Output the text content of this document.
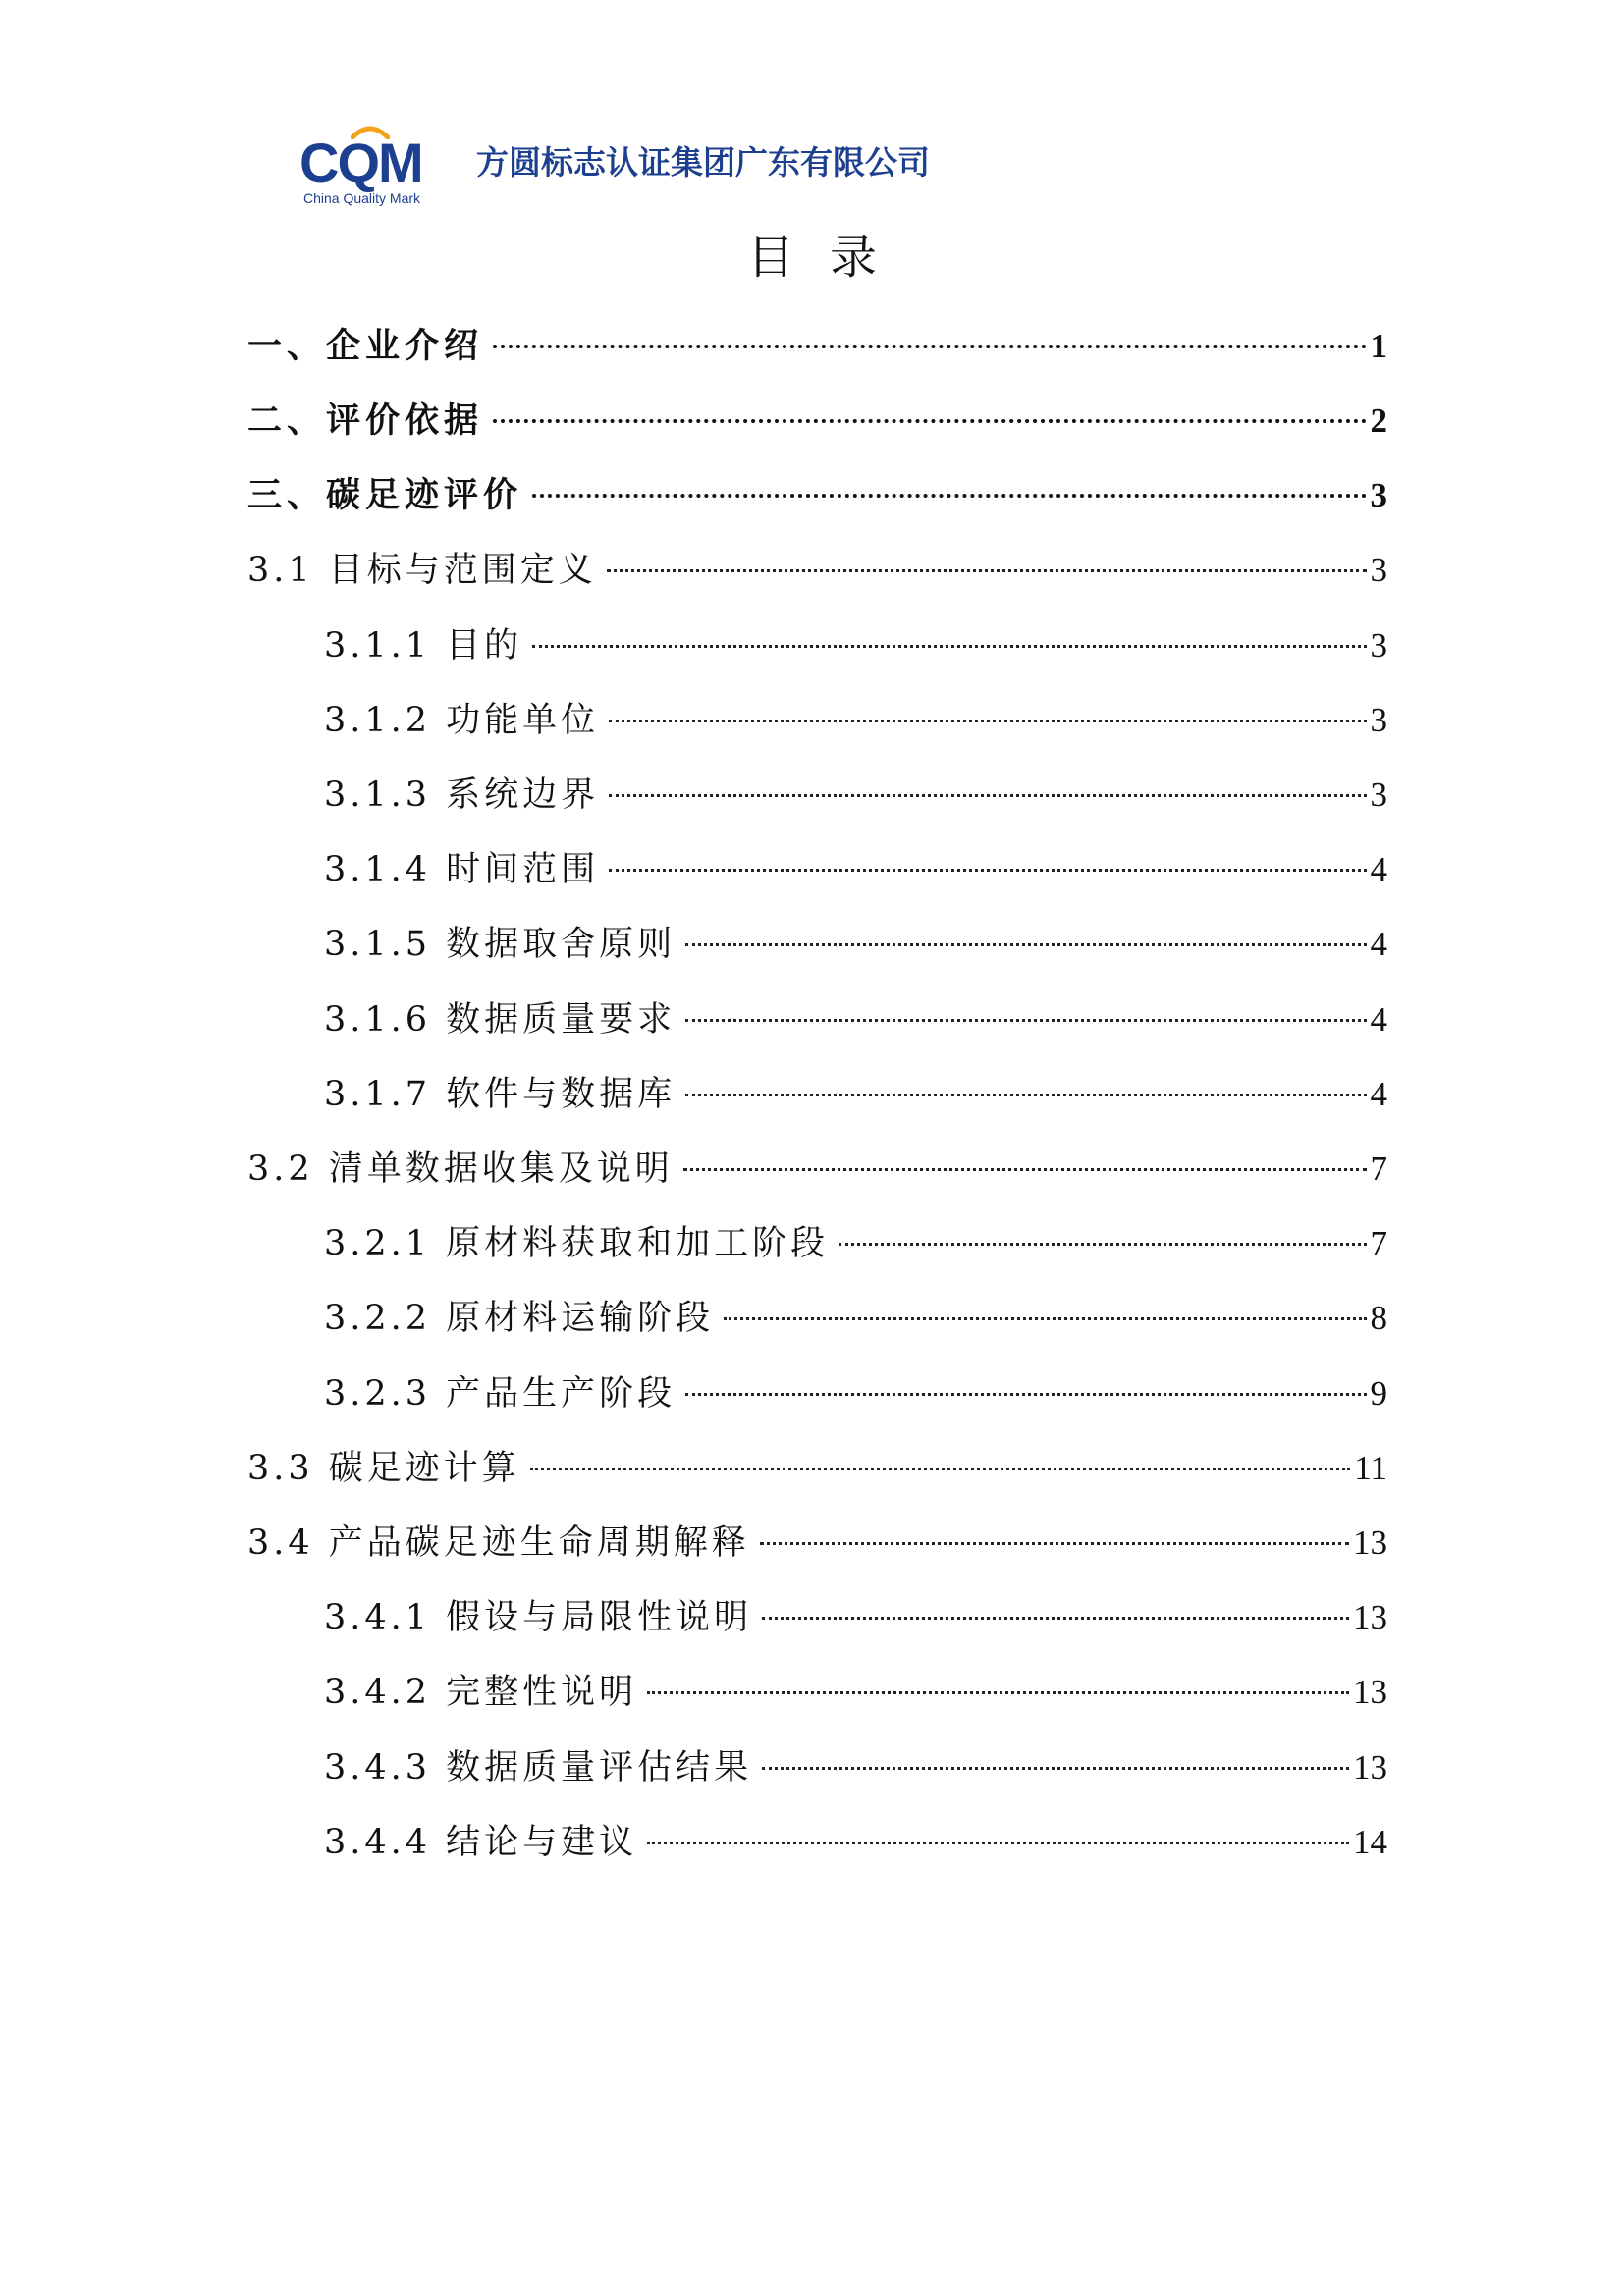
CQM 方圆标志认证集团广东有限公司
China Quality Mark
目录
一、企业介绍	1
二、评价依据	2
三、碳足迹评价	3
3.1 目标与范围定义	3
3.1.1 目的	3
3.1.2 功能单位	3
3.1.3 系统边界	3
3.1.4 时间范围	4
3.1.5 数据取舍原则	4
3.1.6 数据质量要求	4
3.1.7 软件与数据库	4
3.2 清单数据收集及说明	7
3.2.1 原材料获取和加工阶段	7
3.2.2 原材料运输阶段	8
3.2.3 产品生产阶段	9
3.3 碳足迹计算	11
3.4 产品碳足迹生命周期解释	13
3.4.1 假设与局限性说明	13
3.4.2 完整性说明	13
3.4.3 数据质量评估结果	13
3.4.4 结论与建议	14
